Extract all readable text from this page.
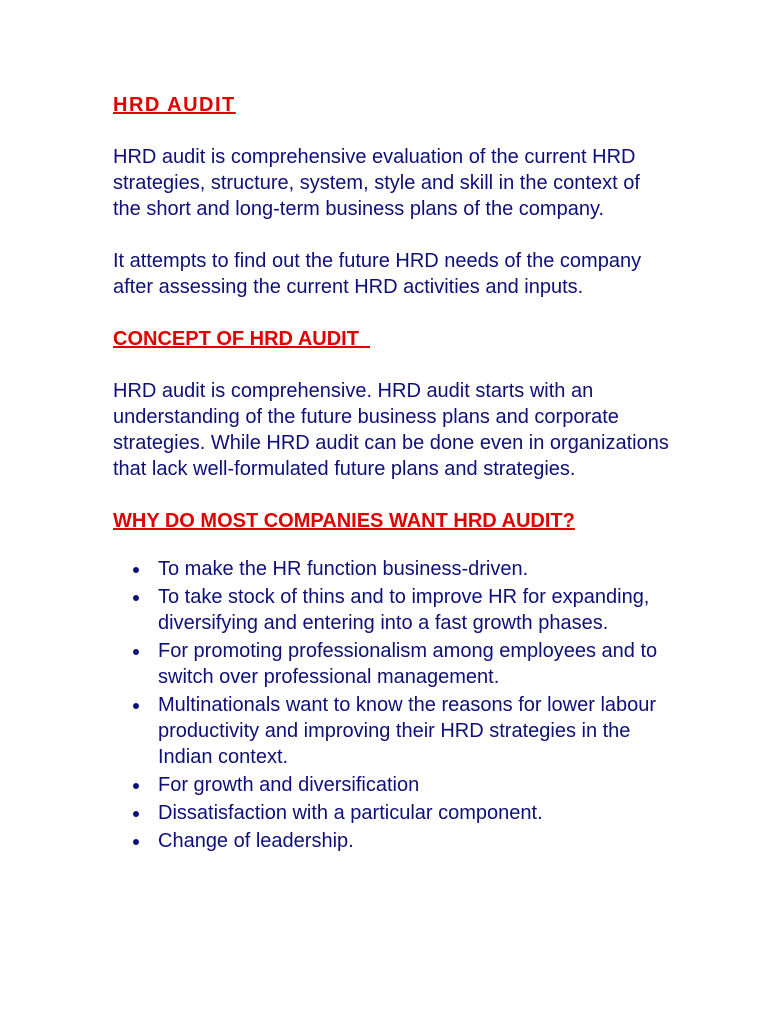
HRD AUDIT

HRD audit is comprehensive evaluation of the current HRD strategies, structure, system, style and skill in the context of the short and long-term business plans of the company.

It attempts to find out the future HRD needs of the company after assessing the current HRD activities and inputs.

CONCEPT OF HRD AUDIT

HRD audit is comprehensive. HRD audit starts with an understanding of the future business plans and corporate strategies. While HRD audit can be done even in organizations that lack well-formulated future plans and strategies.

WHY DO MOST COMPANIES WANT HRD AUDIT?
To make the HR function business-driven.
To take stock of thins and to improve HR for expanding, diversifying and entering into a fast growth phases.
For promoting professionalism among employees and to switch over professional management.
Multinationals want to know the reasons for lower labour productivity and improving their HRD strategies in the Indian context.
For growth and diversification
Dissatisfaction with a particular component.
Change of leadership.
